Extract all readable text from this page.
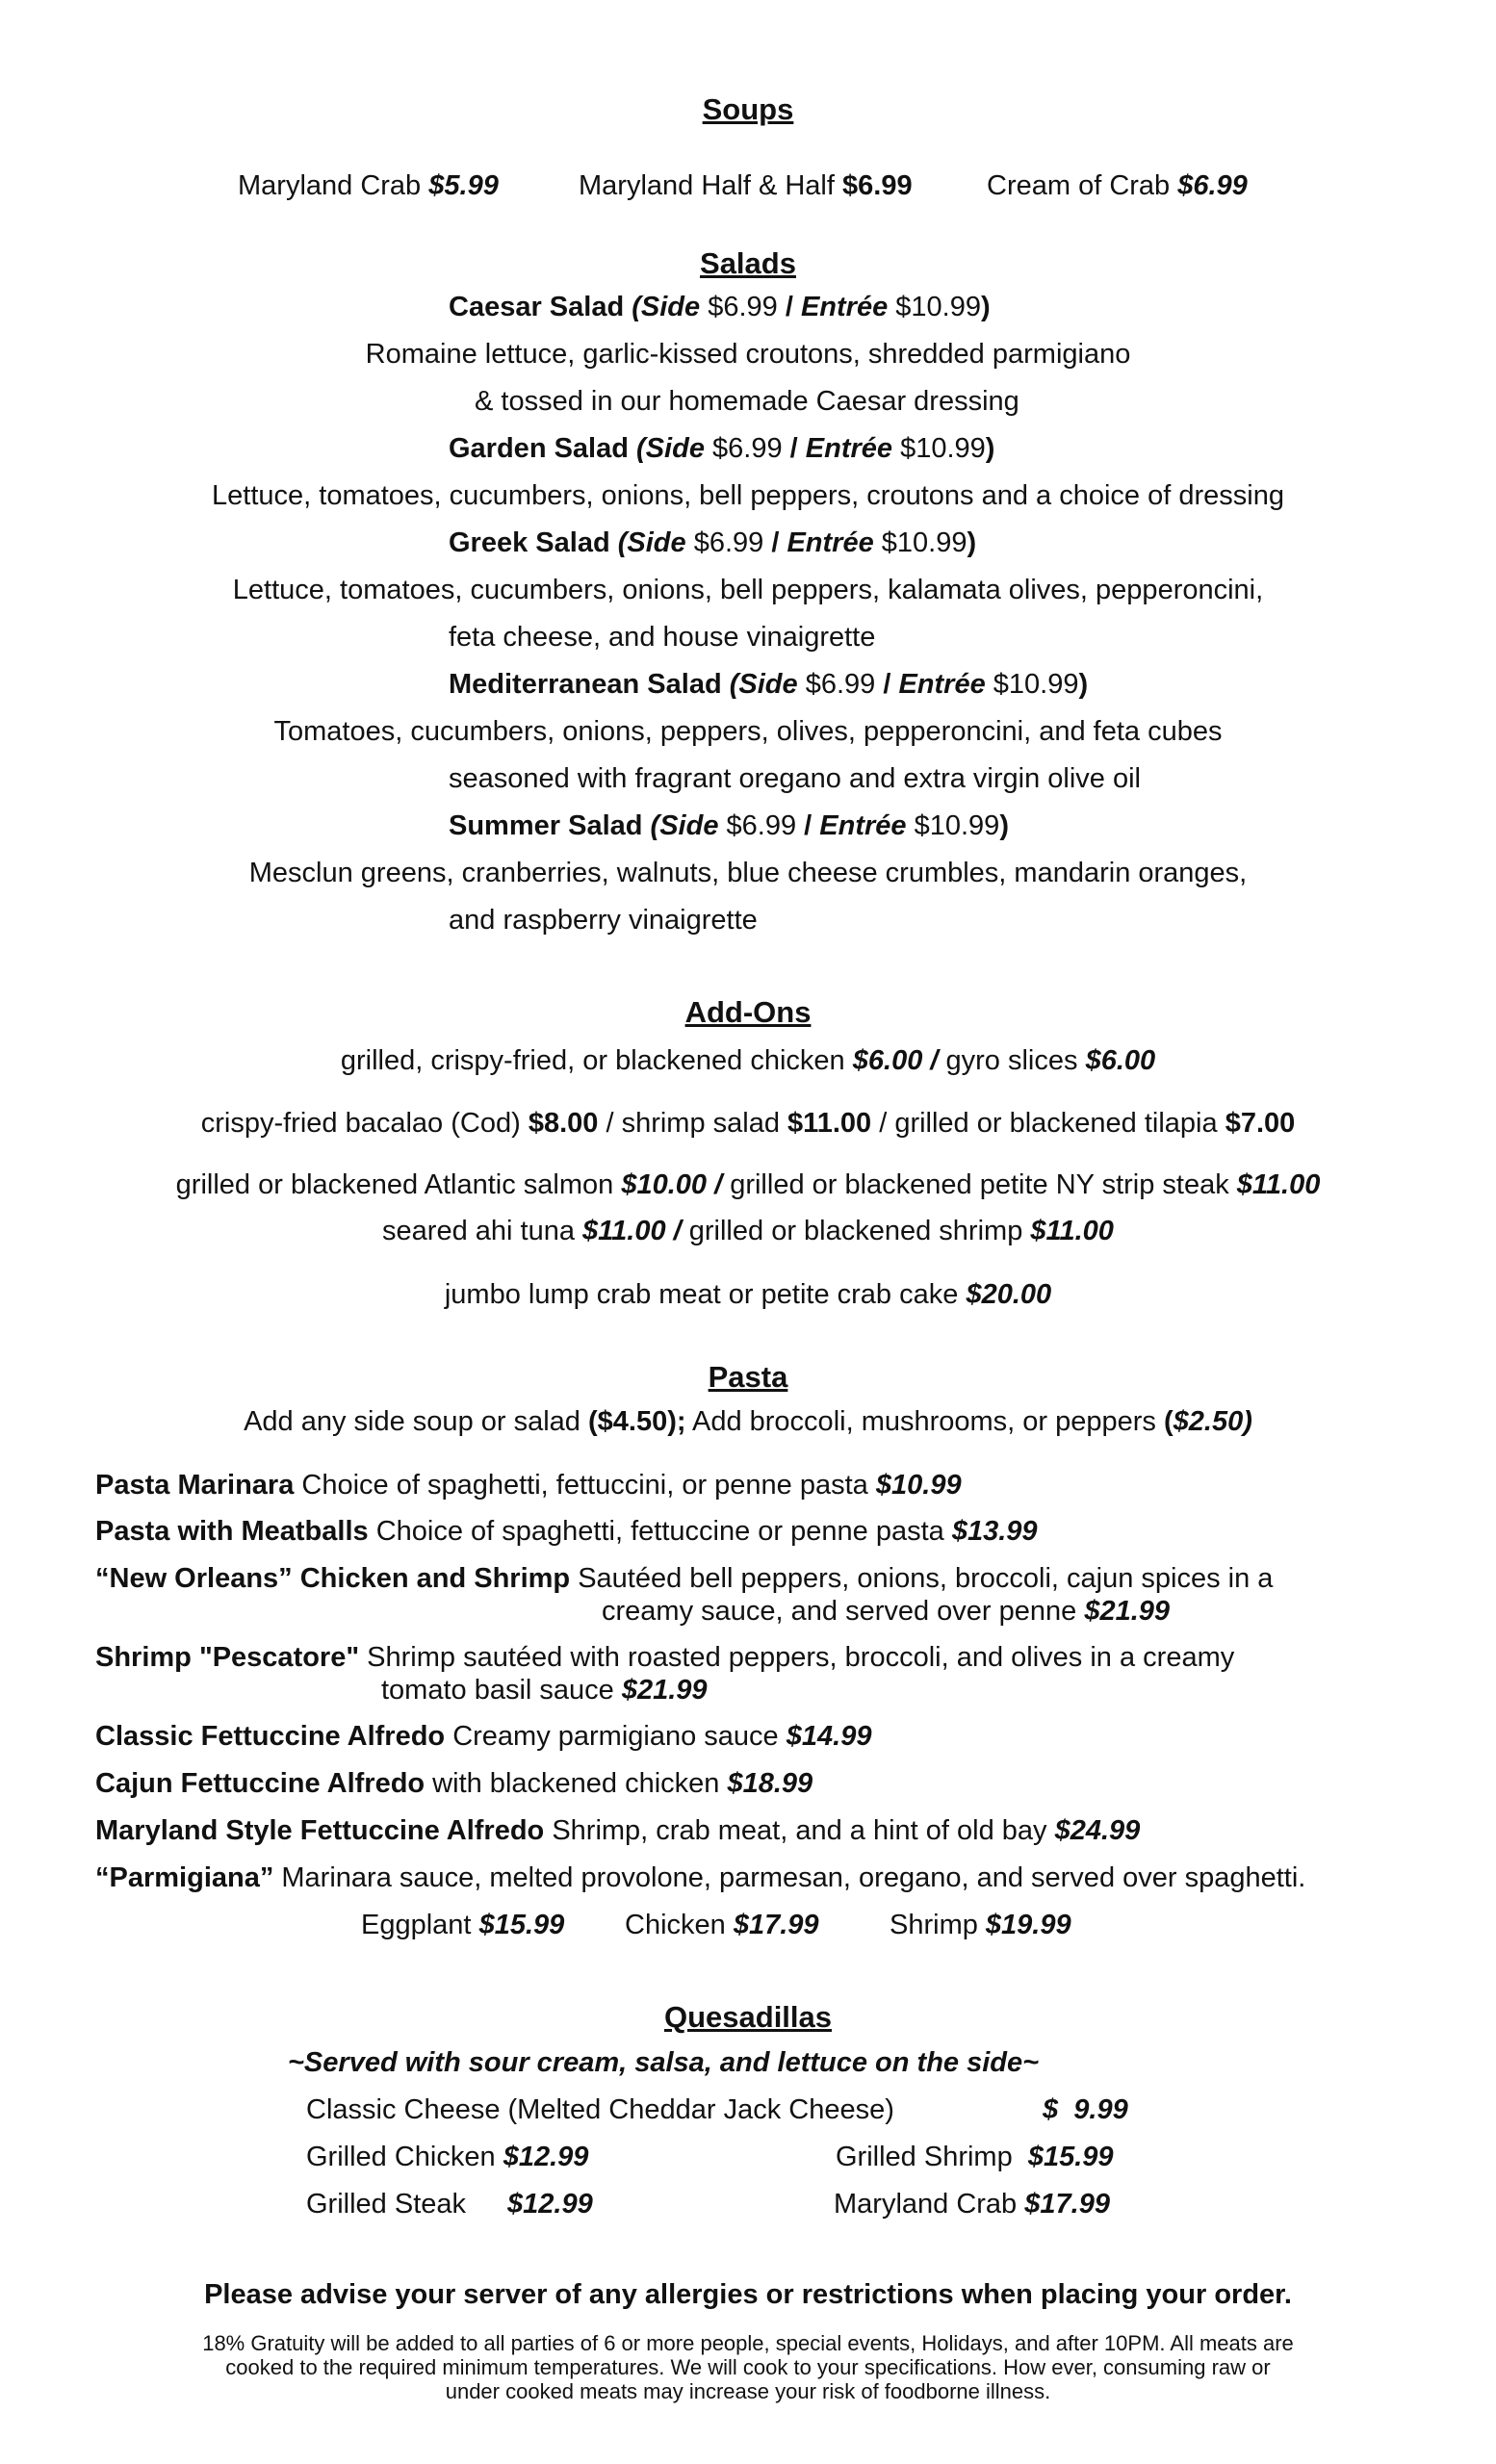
Soups
Maryland Crab $5.99	Maryland Half & Half $6.99	Cream of Crab $6.99
Salads
Caesar Salad (Side $6.99 / Entrée $10.99)
Romaine lettuce, garlic-kissed croutons, shredded parmigiano
& tossed in our homemade Caesar dressing
Garden Salad (Side $6.99 / Entrée $10.99)
Lettuce, tomatoes, cucumbers, onions, bell peppers, croutons and a choice of dressing
Greek Salad (Side $6.99 / Entrée $10.99)
Lettuce, tomatoes, cucumbers, onions, bell peppers, kalamata olives, pepperoncini,
feta cheese, and house vinaigrette
Mediterranean Salad (Side $6.99 / Entrée $10.99)
Tomatoes, cucumbers, onions, peppers, olives, pepperoncini, and feta cubes
seasoned with fragrant oregano and extra virgin olive oil
Summer Salad (Side $6.99 / Entrée $10.99)
Mesclun greens, cranberries, walnuts, blue cheese crumbles, mandarin oranges,
and raspberry vinaigrette
Add-Ons
grilled, crispy-fried, or blackened chicken $6.00 / gyro slices $6.00
crispy-fried bacalao (Cod) $8.00 / shrimp salad $11.00 / grilled or blackened tilapia $7.00
grilled or blackened Atlantic salmon $10.00 / grilled or blackened petite NY strip steak $11.00
seared ahi tuna $11.00 / grilled or blackened shrimp $11.00
jumbo lump crab meat or petite crab cake $20.00
Pasta
Add any side soup or salad ($4.50); Add broccoli, mushrooms, or peppers ($2.50)
Pasta Marinara Choice of spaghetti, fettuccini, or penne pasta $10.99
Pasta with Meatballs Choice of spaghetti, fettuccine or penne pasta $13.99
“New Orleans” Chicken and Shrimp Sautéed bell peppers, onions, broccoli, cajun spices in a
creamy sauce, and served over penne $21.99
Shrimp "Pescatore" Shrimp sautéed with roasted peppers, broccoli, and olives in a creamy
tomato basil sauce $21.99
Classic Fettuccine Alfredo Creamy parmigiano sauce $14.99
Cajun Fettuccine Alfredo with blackened chicken $18.99
Maryland Style Fettuccine Alfredo Shrimp, crab meat, and a hint of old bay $24.99
“Parmigiana” Marinara sauce, melted provolone, parmesan, oregano, and served over spaghetti.
Eggplant $15.99 Chicken $17.99	Shrimp $19.99
Quesadillas
~Served with sour cream, salsa, and lettuce on the side~
Classic Cheese (Melted Cheddar Jack Cheese)	$ 9.99
Grilled Chicken $12.99	Grilled Shrimp $15.99
Grilled Steak $12.99	Maryland Crab $17.99
Please advise your server of any allergies or restrictions when placing your order.
18% Gratuity will be added to all parties of 6 or more people, special events, Holidays, and after 10PM. All meats are
cooked to the required minimum temperatures. We will cook to your specifications. How ever, consuming raw or
under cooked meats may increase your risk of foodborne illness.
